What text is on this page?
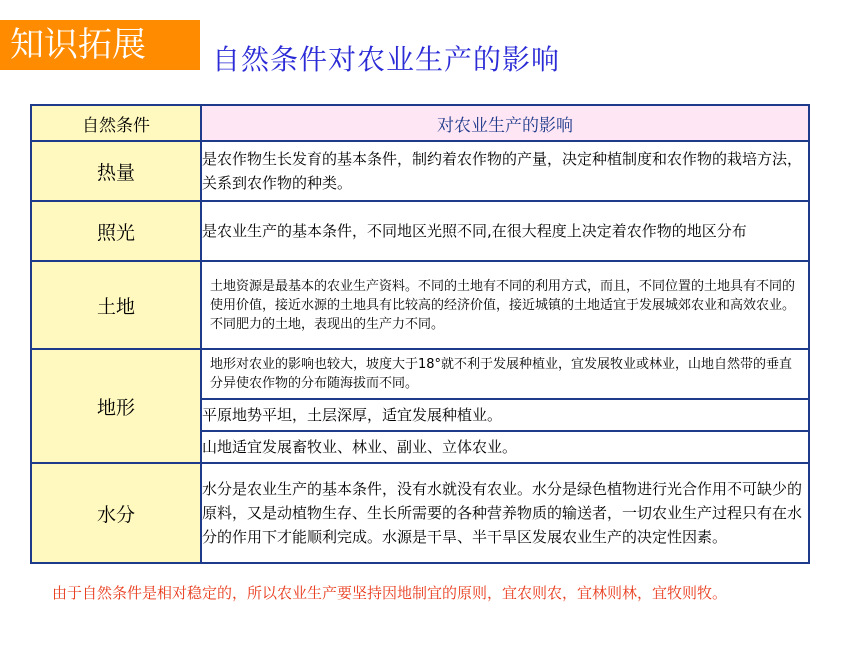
知识拓展	自然条件对农业生产的影响
自然条件	对农业生产的影响
热量	是农作物生长发育的基本条件，制约着农作物的产量，决定种植制度和农作物的栽培方法，关系到农作物的种类。
照光	是农业生产的基本条件，不同地区光照不同,在很大程度上决定着农作物的地区分布
土地	土地资源是最基本的农业生产资料。不同的土地有不同的利用方式，而且，不同位置的土地具有不同的使用价值，接近水源的土地具有比较高的经济价值，接近城镇的土地适宜于发展城郊农业和高效农业。不同肥力的土地，表现出的生产力不同。
地形	地形对农业的影响也较大，坡度大于18°就不利于发展种植业，宜发展牧业或林业，山地自然带的垂直分异使农作物的分布随海拔而不同。
	平原地势平坦，土层深厚，适宜发展种植业。
	山地适宜发展畜牧业、林业、副业、立体农业。
水分	水分是农业生产的基本条件，没有水就没有农业。水分是绿色植物进行光合作用不可缺少的原料，又是动植物生存、生长所需要的各种营养物质的输送者，一切农业生产过程只有在水分的作用下才能顺利完成。水源是干旱、半干旱区发展农业生产的决定性因素。
由于自然条件是相对稳定的，所以农业生产要坚持因地制宜的原则，宜农则农，宜林则林，宜牧则牧。
